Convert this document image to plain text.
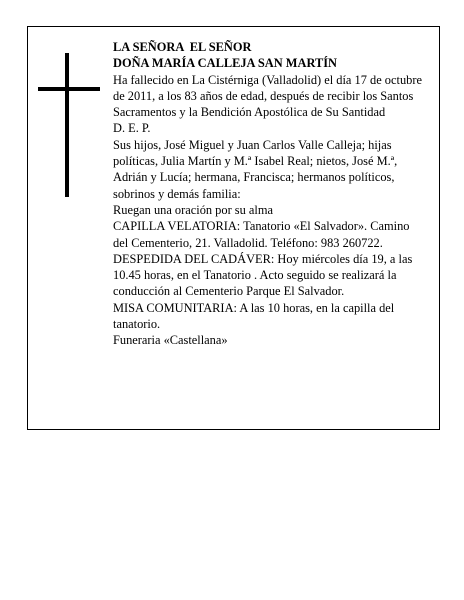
LA SEÑORA  EL SEÑOR

DOÑA MARÍA CALLEJA SAN MARTÍN

Ha fallecido en La Cistérniga (Valladolid) el día 17 de octubre de 2011, a los 83 años de edad, después de recibir los Santos Sacramentos y la Bendición Apostólica de Su Santidad

D. E. P.

Sus hijos, José Miguel y Juan Carlos Valle Calleja; hijas políticas, Julia Martín y M.ª Isabel Real; nietos, José M.ª, Adrián y Lucía; hermana, Francisca; hermanos políticos, sobrinos y demás familia:

Ruegan una oración por su alma

CAPILLA VELATORIA: Tanatorio «El Salvador». Camino del Cementerio, 21. Valladolid. Teléfono: 983 260722.

DESPEDIDA DEL CADÁVER: Hoy miércoles día 19, a las 10.45 horas, en el Tanatorio . Acto seguido se realizará la conducción al Cementerio Parque El Salvador.

MISA COMUNITARIA: A las 10 horas, en la capilla del tanatorio.

Funeraria «Castellana»
